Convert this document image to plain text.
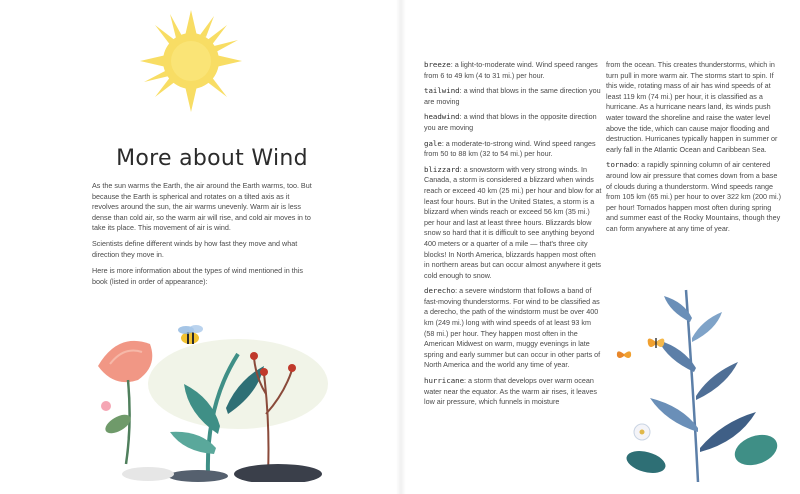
More about Wind

As the sun warms the Earth, the air around the Earth warms, too. But because the Earth is spherical and rotates on a tilted axis as it revolves around the sun, the air warms unevenly. Warm air is less dense than cold air, so the warm air will rise, and cold air moves in to take its place. This movement of air is wind.

Scientists define different winds by how fast they move and what direction they move in.

Here is more information about the types of wind mentioned in this book (listed in order of appearance):

breeze: a light-to-moderate wind. Wind speed ranges from 6 to 49 km (4 to 31 mi.) per hour.

tailwind: a wind that blows in the same direction you are moving

headwind: a wind that blows in the opposite direction you are moving

gale: a moderate-to-strong wind. Wind speed ranges from 50 to 88 km (32 to 54 mi.) per hour.

blizzard: a snowstorm with very strong winds. In Canada, a storm is considered a blizzard when winds reach or exceed 40 km (25 mi.) per hour and blow for at least four hours. But in the United States, a storm is a blizzard when winds reach or exceed 56 km (35 mi.) per hour and last at least three hours. Blizzards blow snow so hard that it is difficult to see anything beyond 400 meters or a quarter of a mile — that's three city blocks! In North America, blizzards happen most often in northern areas but can occur almost anywhere it gets cold enough to snow.

derecho: a severe windstorm that follows a band of fast-moving thunderstorms. For wind to be classified as a derecho, the path of the windstorm must be over 400 km (249 mi.) long with wind speeds of at least 93 km (58 mi.) per hour. They happen most often in the American Midwest on warm, muggy evenings in late spring and early summer but can occur in other parts of North America and the world any time of year.

hurricane: a storm that develops over warm ocean water near the equator. As the warm air rises, it leaves low air pressure, which funnels in moisture

from the ocean. This creates thunderstorms, which in turn pull in more warm air. The storms start to spin. If this wide, rotating mass of air has wind speeds of at least 119 km (74 mi.) per hour, it is classified as a hurricane. As a hurricane nears land, its winds push water toward the shoreline and raise the water level above the tide, which can cause major flooding and destruction. Hurricanes typically happen in summer or early fall in the Atlantic Ocean and Caribbean Sea.

tornado: a rapidly spinning column of air centered around low air pressure that comes down from a base of clouds during a thunderstorm. Wind speeds range from 105 km (65 mi.) per hour to over 322 km (200 mi.) per hour! Tornados happen most often during spring and summer east of the Rocky Mountains, though they can form anywhere at any time of year.
